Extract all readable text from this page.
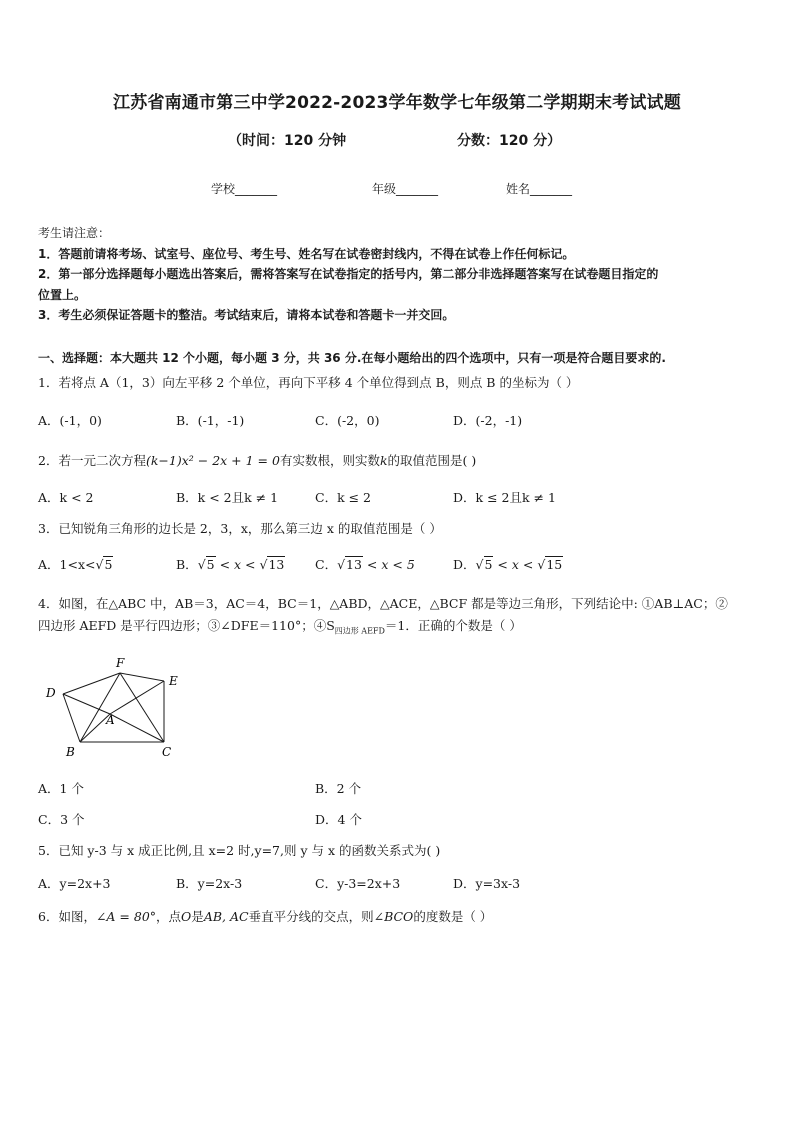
江苏省南通市第三中学2022-2023学年数学七年级第二学期期末考试试题
（时间：120 分钟	分数：120 分）
学校_______	年级_______	姓名_______
考生请注意：
1．答题前请将考场、试室号、座位号、考生号、姓名写在试卷密封线内，不得在试卷上作任何标记。
2．第一部分选择题每小题选出答案后，需将答案写在试卷指定的括号内，第二部分非选择题答案写在试卷题目指定的
位置上。
3．考生必须保证答题卡的整洁。考试结束后，请将本试卷和答题卡一并交回。
一、选择题：本大题共 12 个小题，每小题 3 分，共 36 分.在每小题给出的四个选项中，只有一项是符合题目要求的.
1．若将点 A（1，3）向左平移 2 个单位，再向下平移 4 个单位得到点 B，则点 B 的坐标为（ ）
A．(-1，0)	B．(-1，-1)	C．(-2，0)	D．(-2，-1)
2．若一元二次方程(k−1)x² − 2x + 1 = 0有实数根，则实数k的取值范围是( )
A．k < 2	B．k < 2且k ≠ 1	C．k ≤ 2	D．k ≤ 2且k ≠ 1
3．已知锐角三角形的边长是 2，3，x，那么第三边 x 的取值范围是（ ）
A．1<x<√5	B．√5 < x < √13 C．√13 < x < 5	D．√5 < x < √15
4．如图，在△ABC 中，AB＝3，AC＝4，BC＝1，△ABD，△ACE，△BCF 都是等边三角形，下列结论中: ①AB⊥AC；②
四边形 AEFD 是平行四边形；③∠DFE＝110°；$④S_{四边形 AEFD}=1$．正确的个数是（ ）
F
D
E
A
B	C
A．1 个	B．2 个
C．3 个	D．4 个
5．已知 y-3 与 x 成正比例,且 x=2 时,y=7,则 y 与 x 的函数关系式为( )
A．y=2x+3	B．y=2x-3	C．y-3=2x+3	D．y=3x-3
6．如图，∠A = 80°，点O是AB, AC垂直平分线的交点，则∠BCO的度数是（ ）
